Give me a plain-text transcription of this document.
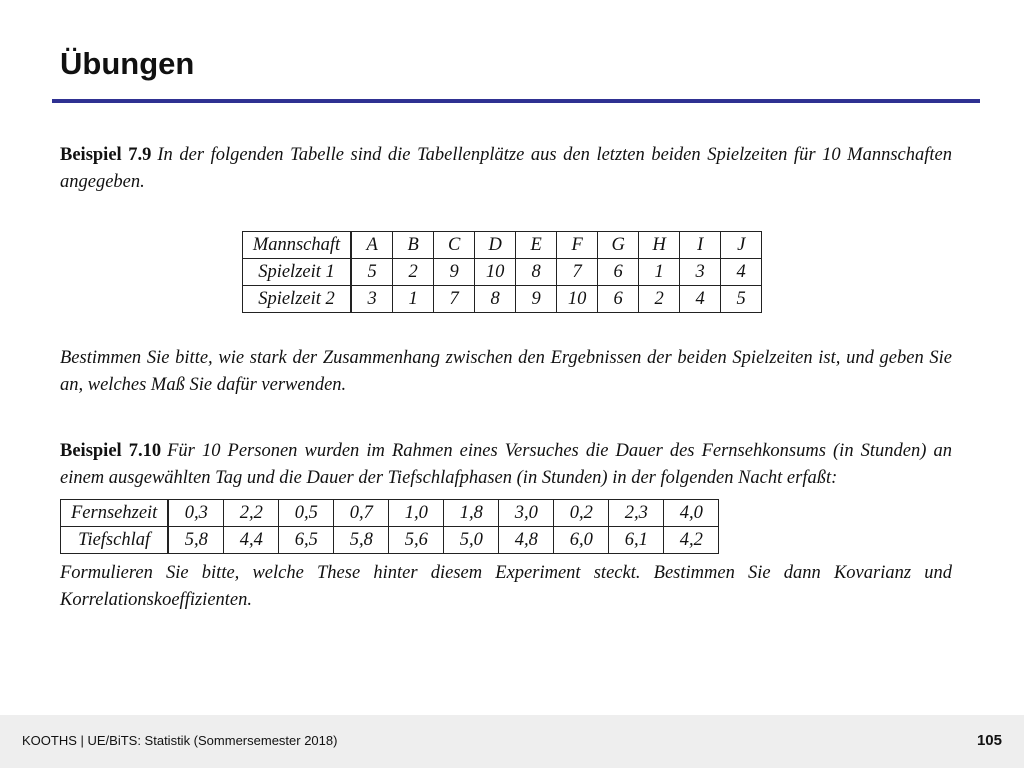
Übungen

Beispiel 7.9 In der folgenden Tabelle sind die Tabellenplätze aus den letzten beiden Spielzeiten für 10 Mannschaften angegeben.

Mannschaft	A	B	C	D	E	F	G	H	I	J
Spielzeit 1	5	2	9	10	8	7	6	1	3	4
Spielzeit 2	3	1	7	8	9	10	6	2	4	5

Bestimmen Sie bitte, wie stark der Zusammenhang zwischen den Ergebnissen der beiden Spielzeiten ist, und geben Sie an, welches Maß Sie dafür verwenden.

Beispiel 7.10 Für 10 Personen wurden im Rahmen eines Versuches die Dauer des Fernsehkonsums (in Stunden) an einem ausgewählten Tag und die Dauer der Tiefschlafphasen (in Stunden) in der folgenden Nacht erfaßt:

Fernsehzeit	0,3	2,2	0,5	0,7	1,0	1,8	3,0	0,2	2,3	4,0
Tiefschlaf	5,8	4,4	6,5	5,8	5,6	5,0	4,8	6,0	6,1	4,2

Formulieren Sie bitte, welche These hinter diesem Experiment steckt. Bestimmen Sie dann Kovarianz und Korrelationskoeffizienten.

KOOTHS | UE/BiTS: Statistik (Sommersemester 2018)	105
